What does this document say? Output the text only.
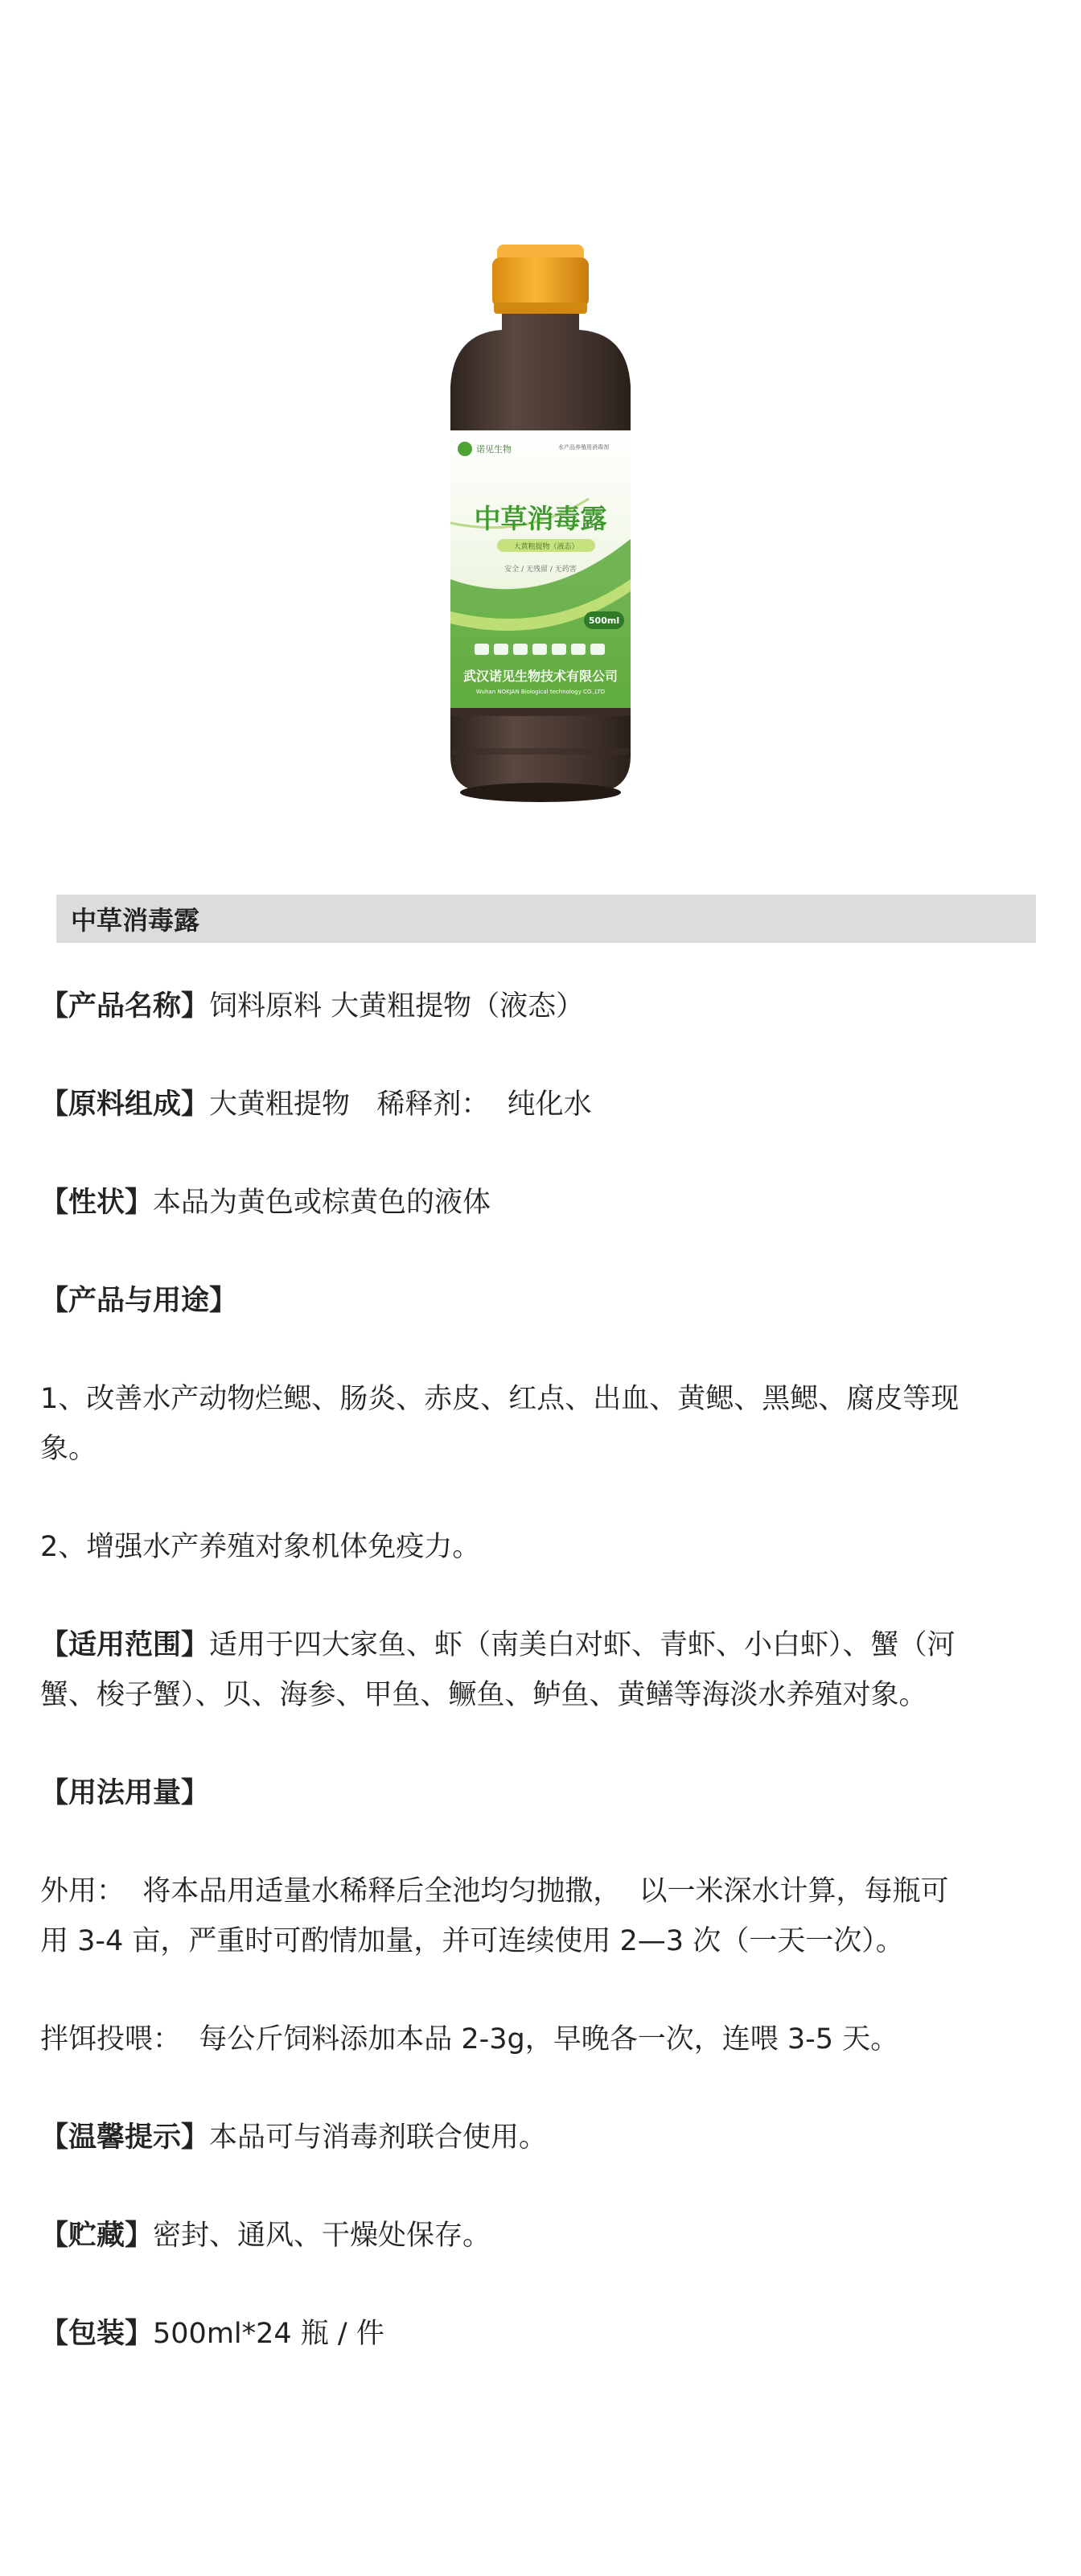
诺见生物	水产品养殖用消毒剂
中草消毒露
大黄粗提物（液态）
安全 / 无残留 / 无药害
500ml
武汉诺见生物技术有限公司
Wuhan NOKJAN Biological technology CO.,LTD
中草消毒露

【产品名称】饲料原料 大黄粗提物（液态）

【原料组成】大黄粗提物   稀释剂：  纯化水

【性状】本品为黄色或棕黄色的液体

【产品与用途】

1、改善水产动物烂鳃、肠炎、赤皮、红点、出血、黄鳃、黑鳃、腐皮等现象。

2、增强水产养殖对象机体免疫力。

【适用范围】适用于四大家鱼、虾（南美白对虾、青虾、小白虾）、蟹（河蟹、梭子蟹）、贝、海参、甲鱼、鳜鱼、鲈鱼、黄鳝等海淡水养殖对象。

【用法用量】

外用：  将本品用适量水稀释后全池均匀抛撒，  以一米深水计算，每瓶可用 3-4 亩，严重时可酌情加量，并可连续使用 2—3 次（一天一次）。

拌饵投喂：  每公斤饲料添加本品 2-3g，早晚各一次，连喂 3-5 天。

【温馨提示】本品可与消毒剂联合使用。

【贮藏】密封、通风、干燥处保存。

【包装】500ml*24 瓶 / 件
